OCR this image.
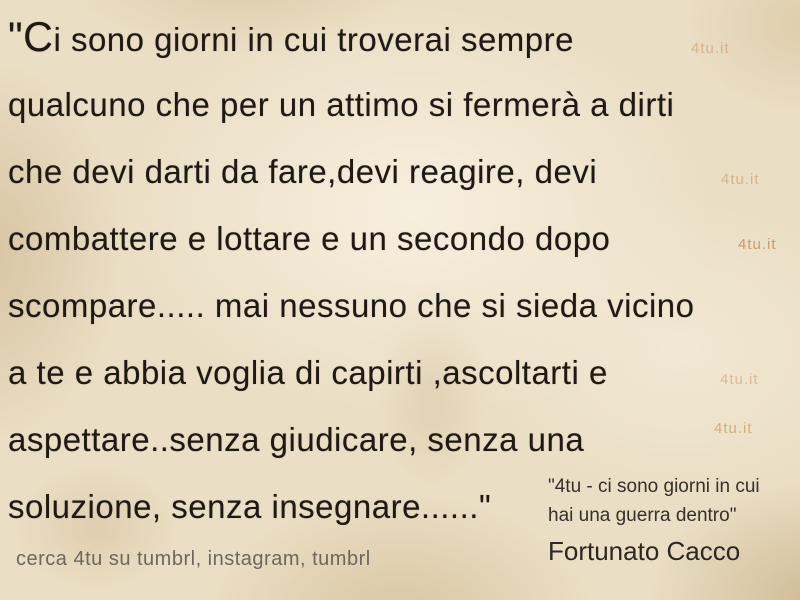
"Ci sono giorni in cui troverai sempre
qualcuno che per un attimo si fermerà a dirti
che devi darti da fare,devi reagire, devi
combattere e lottare e un secondo dopo
scompare..... mai nessuno che si sieda vicino
a te e abbia voglia di capirti ,ascoltarti e
aspettare..senza giudicare, senza una
soluzione, senza insegnare......"
4tu.it
4tu.it
4tu.it
4tu.it
4tu.it
cerca 4tu su tumbrl, instagram, tumbrl
"4tu - ci sono giorni in cui
hai una guerra dentro"
Fortunato Cacco
